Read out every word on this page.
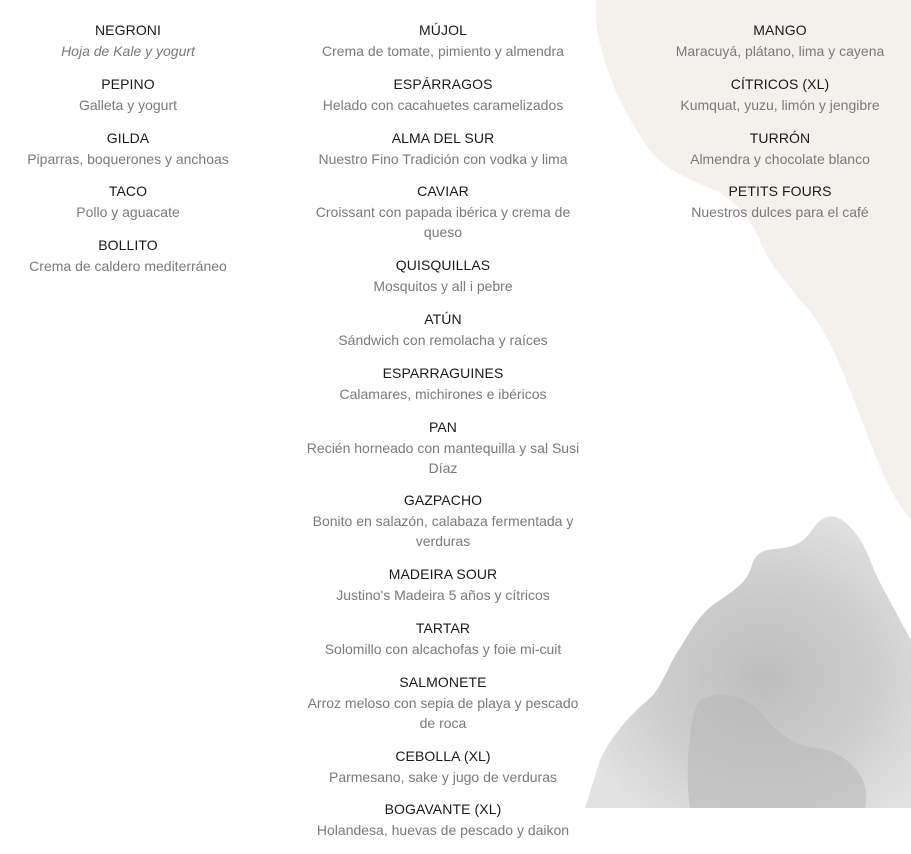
NEGRONI
Hoja de Kale y yogurt
PEPINO
Galleta y yogurt
GILDA
Piparras, boquerones y anchoas
TACO
Pollo y aguacate
BOLLITO
Crema de caldero mediterráneo
MÚJOL
Crema de tomate, pimiento y almendra
ESPÁRRAGOS
Helado con cacahuetes caramelizados
ALMA DEL SUR
Nuestro Fino Tradición con vodka y lima
CAVIAR
Croissant con papada ibérica y crema de queso
QUISQUILLAS
Mosquitos y all i pebre
ATÚN
Sándwich con remolacha y raíces
ESPARRAGUINES
Calamares, michirones e ibéricos
PAN
Recién horneado con mantequilla y sal Susi Díaz
GAZPACHO
Bonito en salazón, calabaza fermentada y verduras
MADEIRA SOUR
Justino's Madeira 5 años y cítricos
TARTAR
Solomillo con alcachofas y foie mi-cuit
SALMONETE
Arroz meloso con sepia de playa y pescado de roca
CEBOLLA (XL)
Parmesano, sake y jugo de verduras
BOGAVANTE (XL)
Holandesa, huevas de pescado y daikon
MANGO
Maracuyá, plátano, lima y cayena
CÍTRICOS (XL)
Kumquat, yuzu, limón y jengibre
TURRÓN
Almendra y chocolate blanco
PETITS FOURS
Nuestros dulces para el café
